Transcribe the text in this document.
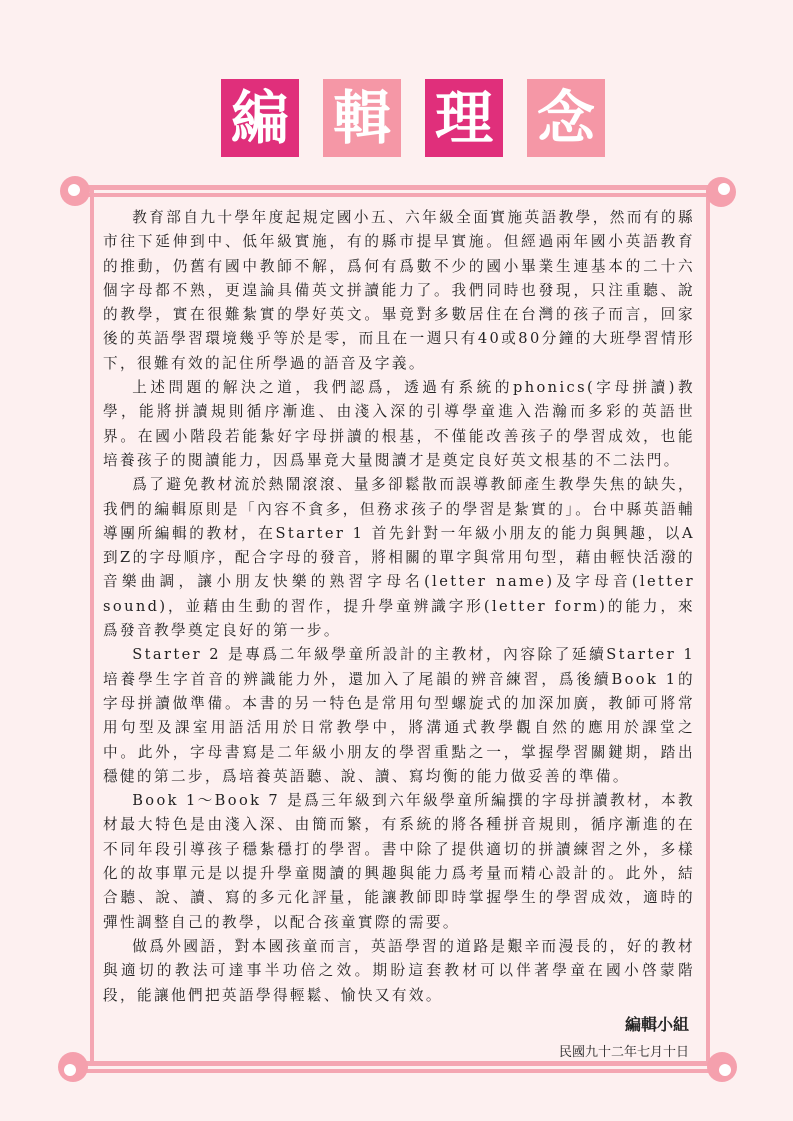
編 輯 理 念

教育部自九十學年度起規定國小五、六年級全面實施英語教學，然而有的縣市往下延伸到中、低年級實施，有的縣市提早實施。但經過兩年國小英語教育的推動，仍舊有國中教師不解，爲何有爲數不少的國小畢業生連基本的二十六個字母都不熟，更遑論具備英文拼讀能力了。我們同時也發現，只注重聽、說的教學，實在很難紮實的學好英文。畢竟對多數居住在台灣的孩子而言，回家後的英語學習環境幾乎等於是零，而且在一週只有40或80分鐘的大班學習情形下，很難有效的記住所學過的語音及字義。

上述問題的解決之道，我們認爲，透過有系統的phonics(字母拼讀)教學，能將拼讀規則循序漸進、由淺入深的引導學童進入浩瀚而多彩的英語世界。在國小階段若能紮好字母拼讀的根基，不僅能改善孩子的學習成效，也能培養孩子的閱讀能力，因爲畢竟大量閱讀才是奠定良好英文根基的不二法門。

爲了避免教材流於熱鬧滾滾、量多卻鬆散而誤導教師產生教學失焦的缺失，我們的編輯原則是「內容不貪多，但務求孩子的學習是紮實的」。台中縣英語輔導團所編輯的教材，在Starter 1 首先針對一年級小朋友的能力與興趣，以A到Z的字母順序，配合字母的發音，將相關的單字與常用句型，藉由輕快活潑的音樂曲調，讓小朋友快樂的熟習字母名(letter name)及字母音(letter sound)，並藉由生動的習作，提升學童辨識字形(letter form)的能力，來爲發音教學奠定良好的第一步。

Starter 2 是專爲二年級學童所設計的主教材，內容除了延續Starter 1 培養學生字首音的辨識能力外，還加入了尾韻的辨音練習，爲後續Book 1的字母拼讀做準備。本書的另一特色是常用句型螺旋式的加深加廣，教師可將常用句型及課室用語活用於日常教學中，將溝通式教學觀自然的應用於課堂之中。此外，字母書寫是二年級小朋友的學習重點之一，掌握學習關鍵期，踏出穩健的第二步，爲培養英語聽、說、讀、寫均衡的能力做妥善的準備。

Book 1～Book 7 是爲三年級到六年級學童所編撰的字母拼讀教材，本教材最大特色是由淺入深、由簡而繁，有系統的將各種拼音規則，循序漸進的在不同年段引導孩子穩紮穩打的學習。書中除了提供適切的拼讀練習之外，多樣化的故事單元是以提升學童閱讀的興趣與能力爲考量而精心設計的。此外，結合聽、說、讀、寫的多元化評量，能讓教師即時掌握學生的學習成效，適時的彈性調整自己的教學，以配合孩童實際的需要。

做爲外國語，對本國孩童而言，英語學習的道路是艱辛而漫長的，好的教材與適切的教法可達事半功倍之效。期盼這套教材可以伴著學童在國小啓蒙階段，能讓他們把英語學得輕鬆、愉快又有效。

編輯小組
民國九十二年七月十日
